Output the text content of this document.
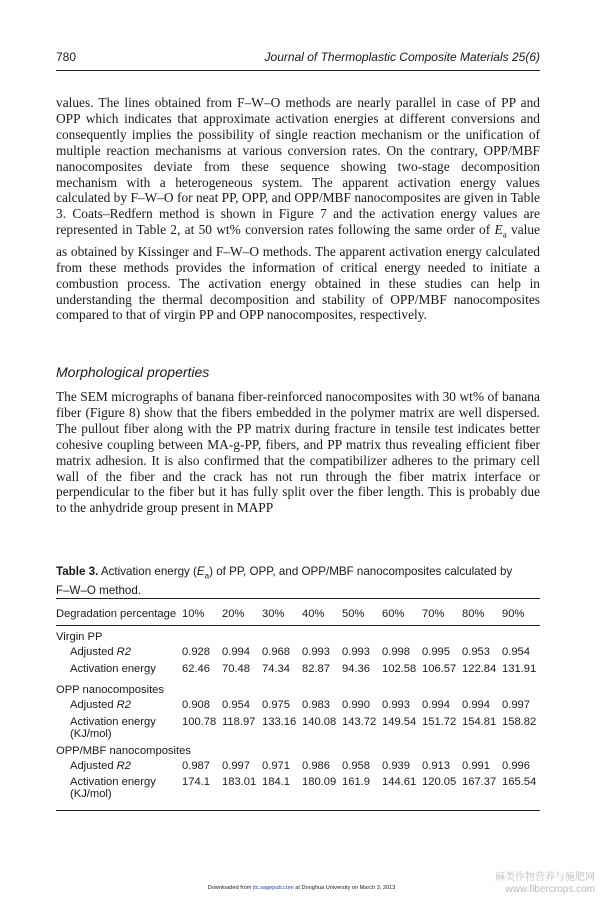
780	Journal of Thermoplastic Composite Materials 25(6)

values. The lines obtained from F–W–O methods are nearly parallel in case of PP and OPP which indicates that approximate activation energies at different conversions and consequently implies the possibility of single reaction mechanism or the unification of multiple reaction mechanisms at various conversion rates. On the contrary, OPP/MBF nanocomposites deviate from these sequence showing two-stage decomposition mechanism with a heterogeneous system. The apparent activation energy values calculated by F–W–O for neat PP, OPP, and OPP/MBF nanocomposites are given in Table 3. Coats–Redfern method is shown in Figure 7 and the activation energy values are represented in Table 2, at 50 wt% conversion rates following the same order of $E_a$ value as obtained by Kissinger and F–W–O methods. The apparent activation energy calculated from these methods provides the information of critical energy needed to initiate a combustion process. The activation energy obtained in these studies can help in understanding the thermal decomposition and stability of OPP/MBF nanocomposites compared to that of virgin PP and OPP nanocomposites, respectively.

Morphological properties

The SEM micrographs of banana fiber-reinforced nanocomposites with 30 wt% of banana fiber (Figure 8) show that the fibers embedded in the polymer matrix are well dispersed. The pullout fiber along with the PP matrix during fracture in tensile test indicates better cohesive coupling between MA-g-PP, fibers, and PP matrix thus revealing efficient fiber matrix adhesion. It is also confirmed that the compatibilizer adheres to the primary cell wall of the fiber and the crack has not run through the fiber matrix interface or perpendicular to the fiber but it has fully split over the fiber length. This is probably due to the anhydride group present in MAPP

Table 3. Activation energy $(E_a)$ of PP, OPP, and OPP/MBF nanocomposites calculated by F–W–O method.

Degradation percentage	10%	20%	30%	40%	50%	60%	70%	80%	90%
Virgin PP									
Adjusted R2	0.928	0.994	0.968	0.993	0.993	0.998	0.995	0.953	0.954
Activation energy	62.46	70.48	74.34	82.87	94.36	102.58	106.57	122.84	131.91
OPP nanocomposites									
Adjusted R2	0.908	0.954	0.975	0.983	0.990	0.993	0.994	0.994	0.997
Activation energy
(KJ/mol)	100.78	118.97	133.16	140.08	143.72	149.54	151.72	154.81	158.82
OPP/MBF nanocomposites									
Adjusted R2	0.987	0.997	0.971	0.986	0.958	0.939	0.913	0.991	0.996
Activation energy
(KJ/mol)	174.1	183.01	184.1	180.09	161.9	144.61	120.05	167.37	165.54
Downloaded from jtc.sagepub.com at Donghua University on March 3, 2013
麻类作物营养与施肥网
www.fibercrops.com
